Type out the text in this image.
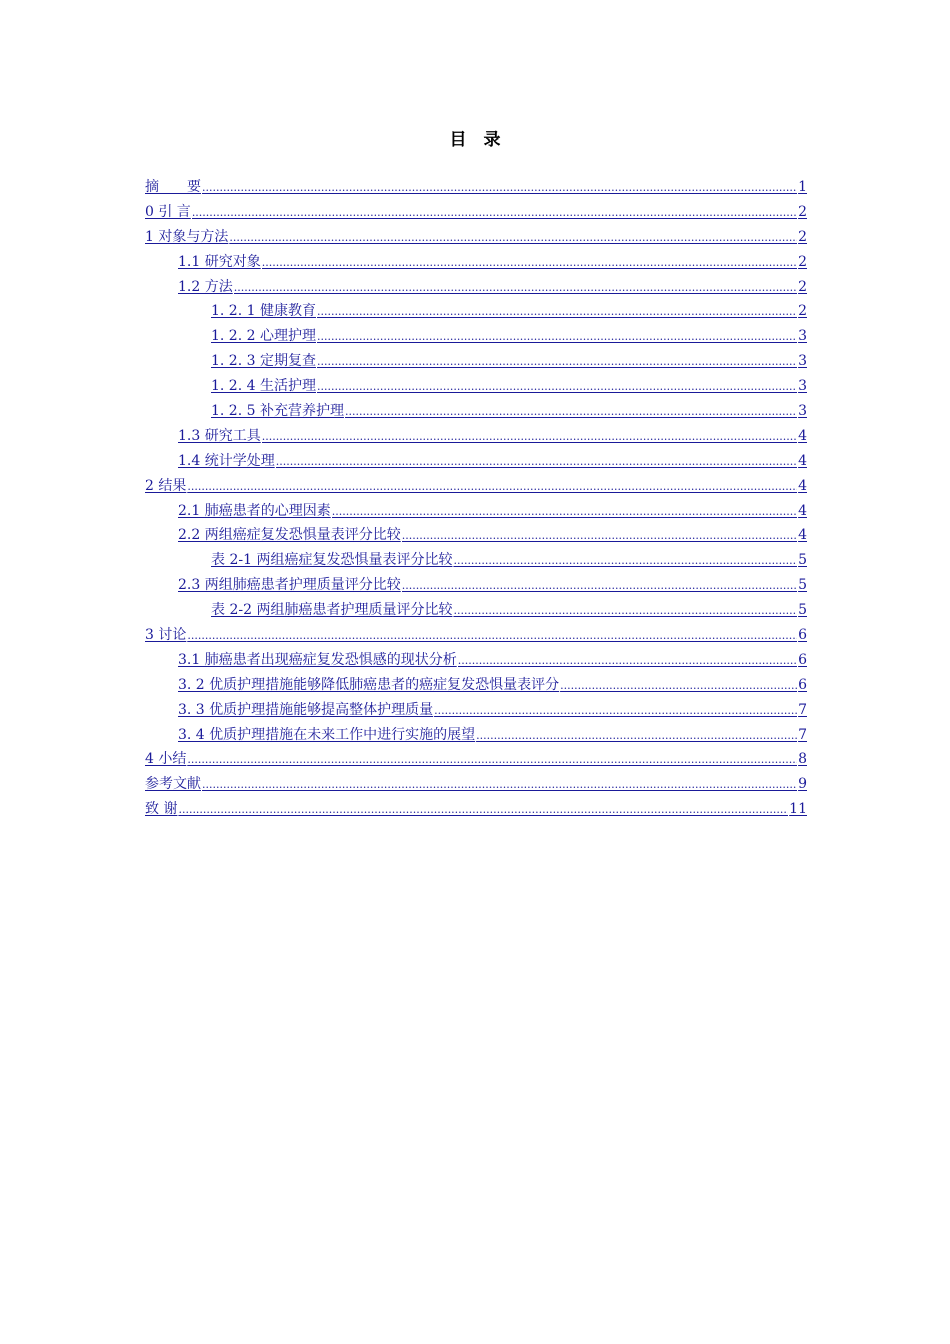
目　录
摘　　要 .....	1
0 引 言 .....	2
1 对象与方法 .....	2
1.1 研究对象 .....	2
1.2 方法 .....	2
1. 2. 1 健康教育 .....	2
1. 2. 2 心理护理 .....	3
1. 2. 3 定期复查 .....	3
1. 2. 4 生活护理 .....	3
1. 2. 5 补充营养护理 .....	3
1.3 研究工具 .....	4
1.4 统计学处理 .....	4
2 结果 .....	4
2.1 肺癌患者的心理因素 .....	4
2.2 两组癌症复发恐惧量表评分比较 .....	4
表 2-1 两组癌症复发恐惧量表评分比较 .....	5
2.3 两组肺癌患者护理质量评分比较 .....	5
表 2-2 两组肺癌患者护理质量评分比较 .....	5
3 讨论 .....	6
3.1 肺癌患者出现癌症复发恐惧感的现状分析 .....	6
3. 2 优质护理措施能够降低肺癌患者的癌症复发恐惧量表评分 .....	6
3. 3 优质护理措施能够提高整体护理质量 .....	7
3. 4 优质护理措施在未来工作中进行实施的展望 .....	7
4 小结 .....	8
参考文献 .....	9
致 谢 .....	11
